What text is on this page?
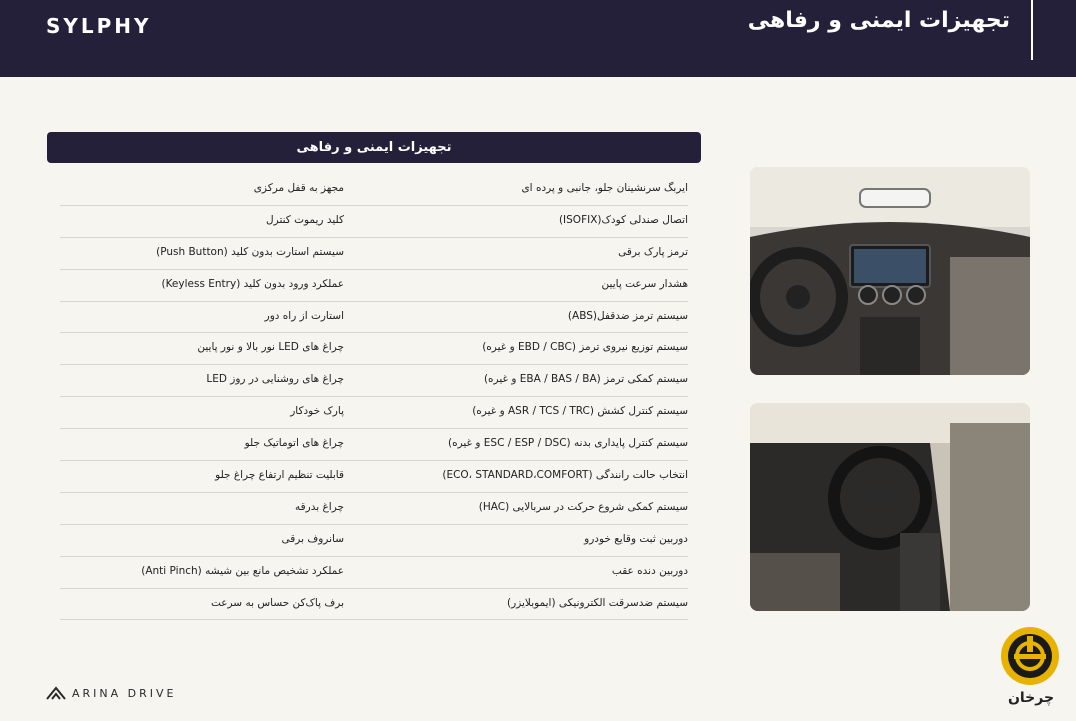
SYLPHY	تجهیزات ایمنی و رفاهی
تجهیزات ایمنی و رفاهی
ایربگ سرنشینان جلو، جانبی و پرده ای
مجهز به قفل مرکزی
اتصال صندلی کودک(ISOFIX)
کلید ریموت کنترل
ترمز پارک برقی
سیستم استارت بدون کلید (Push Button)
هشدار سرعت پایین
عملکرد ورود بدون کلید (Keyless Entry)
سیستم ترمز ضدقفل(ABS)
استارت از راه دور
سیستم توزیع نیروی ترمز (EBD / CBC و غیره)
چراغ های LED نور بالا و نور پایین
سیستم کمکی ترمز (EBA / BAS / BA و غیره)
چراغ های روشنایی در روز LED
سیستم کنترل کشش (ASR / TCS / TRC و غیره)
پارک خودکار
سیستم کنترل پایداری بدنه (ESC / ESP / DSC و غیره)
چراغ های اتوماتیک جلو
انتخاب حالت رانندگی (ECO، STANDARD،COMFORT)
قابلیت تنظیم ارتفاع چراغ جلو
سیستم کمکی شروع حرکت در سربالایی (HAC)
چراغ بدرقه
دوربین ثبت وقایع خودرو
سانروف برقی
دوربین دنده عقب
عملکرد تشخیص مانع بین شیشه (Anti Pinch)
سیستم ضدسرقت الکترونیکی (ایموبلایزر)
برف پاک‌کن حساس به سرعت
ARINA DRIVE	چرخان
